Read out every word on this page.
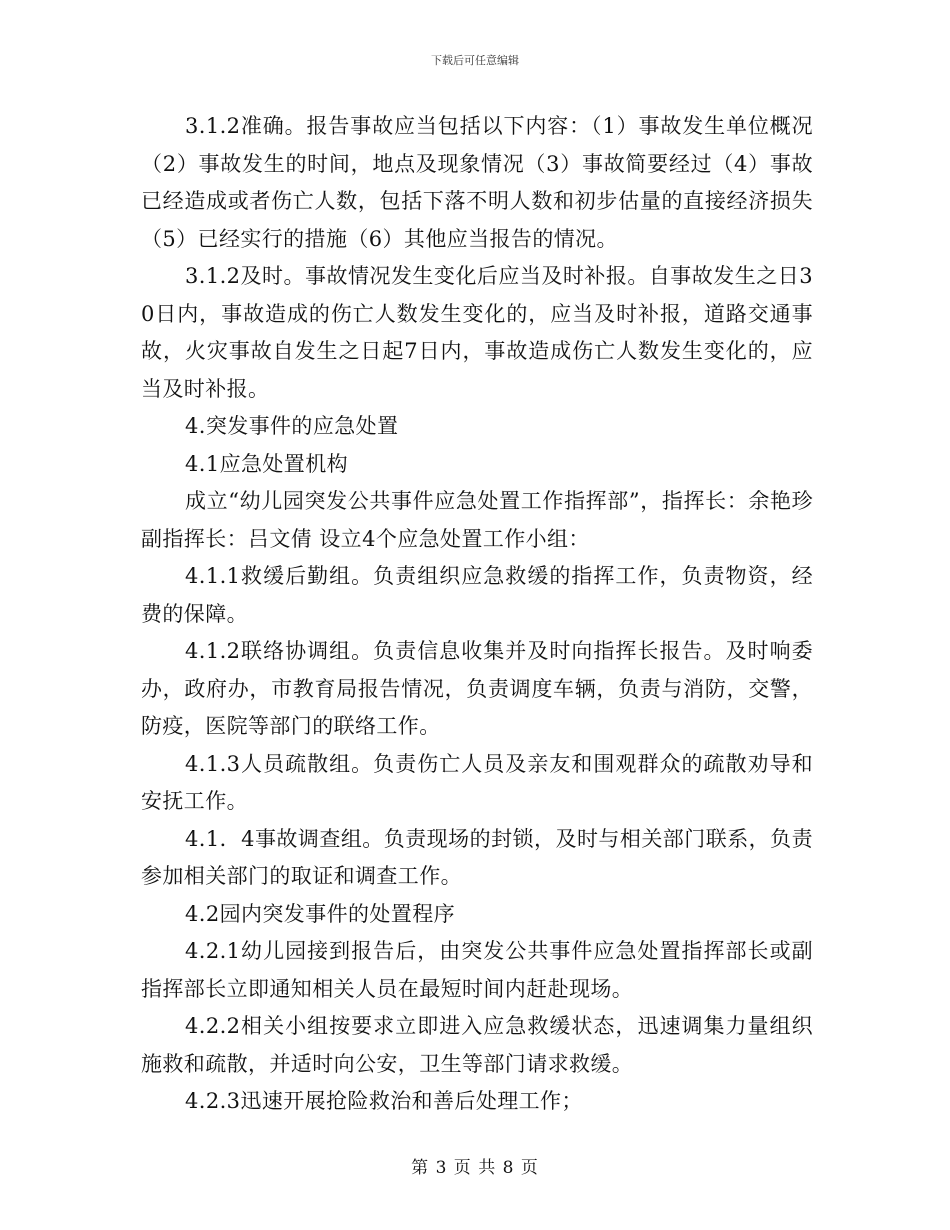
下载后可任意编辑

3.1.2准确。报告事故应当包括以下内容：（1）事故发生单位概况（2）事故发生的时间，地点及现象情况（3）事故简要经过（4）事故已经造成或者伤亡人数，包括下落不明人数和初步估量的直接经济损失（5）已经实行的措施（6）其他应当报告的情况。

3.1.2及时。事故情况发生变化后应当及时补报。自事故发生之日30日内，事故造成的伤亡人数发生变化的，应当及时补报，道路交通事故，火灾事故自发生之日起7日内，事故造成伤亡人数发生变化的，应当及时补报。

4.突发事件的应急处置

4.1应急处置机构

成立“幼儿园突发公共事件应急处置工作指挥部”，指挥长：余艳珍　副指挥长：吕文倩 设立4个应急处置工作小组：

4.1.1救缓后勤组。负责组织应急救缓的指挥工作，负责物资，经费的保障。

4.1.2联络协调组。负责信息收集并及时向指挥长报告。及时响委办，政府办，市教育局报告情况，负责调度车辆，负责与消防，交警，防疫，医院等部门的联络工作。

4.1.3人员疏散组。负责伤亡人员及亲友和围观群众的疏散劝导和安抚工作。

4.1．4事故调查组。负责现场的封锁，及时与相关部门联系，负责参加相关部门的取证和调查工作。

4.2园内突发事件的处置程序

4.2.1幼儿园接到报告后，由突发公共事件应急处置指挥部长或副指挥部长立即通知相关人员在最短时间内赶赴现场。

4.2.2相关小组按要求立即进入应急救缓状态，迅速调集力量组织施救和疏散，并适时向公安，卫生等部门请求救缓。

4.2.3迅速开展抢险救治和善后处理工作；

第 3 页 共 8 页
